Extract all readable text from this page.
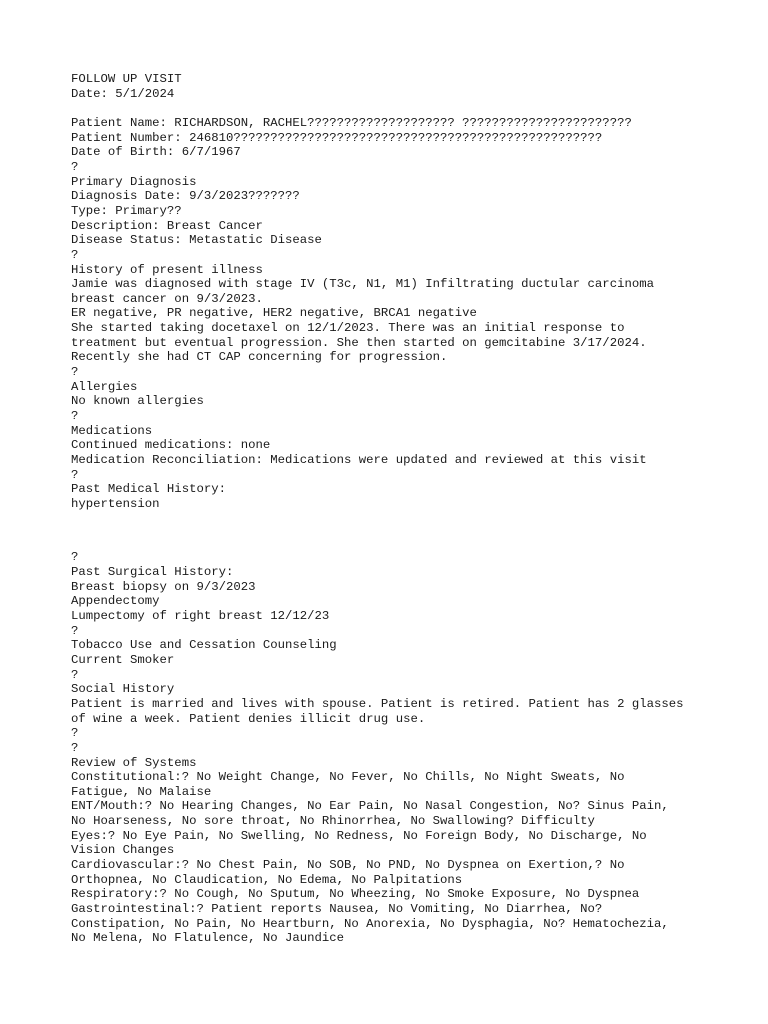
FOLLOW UP VISIT
Date: 5/1/2024
Patient Name: RICHARDSON, RACHEL???????????????????? ???????????????????????
Patient Number: 246810??????????????????????????????????????????????????
Date of Birth: 6/7/1967
?
Primary Diagnosis
Diagnosis Date: 9/3/2023???????
Type: Primary??
Description: Breast Cancer
Disease Status: Metastatic Disease
?
History of present illness
Jamie was diagnosed with stage IV (T3c, N1, M1) Infiltrating ductular carcinoma
breast cancer on 9/3/2023.
ER negative, PR negative, HER2 negative, BRCA1 negative
She started taking docetaxel on 12/1/2023. There was an initial response to
treatment but eventual progression. She then started on gemcitabine 3/17/2024.
Recently she had CT CAP concerning for progression.
?
Allergies
No known allergies
?
Medications
Continued medications: none
Medication Reconciliation: Medications were updated and reviewed at this visit
?
Past Medical History:
hypertension
?
Past Surgical History:
Breast biopsy on 9/3/2023
Appendectomy
Lumpectomy of right breast 12/12/23
?
Tobacco Use and Cessation Counseling
Current Smoker
?
Social History
Patient is married and lives with spouse. Patient is retired. Patient has 2 glasses
of wine a week. Patient denies illicit drug use.
?
?
Review of Systems
Constitutional:? No Weight Change, No Fever, No Chills, No Night Sweats, No
Fatigue, No Malaise
ENT/Mouth:? No Hearing Changes, No Ear Pain, No Nasal Congestion, No? Sinus Pain,
No Hoarseness, No sore throat, No Rhinorrhea, No Swallowing? Difficulty
Eyes:? No Eye Pain, No Swelling, No Redness, No Foreign Body, No Discharge, No
Vision Changes
Cardiovascular:? No Chest Pain, No SOB, No PND, No Dyspnea on Exertion,? No
Orthopnea, No Claudication, No Edema, No Palpitations
Respiratory:? No Cough, No Sputum, No Wheezing, No Smoke Exposure, No Dyspnea
Gastrointestinal:? Patient reports Nausea, No Vomiting, No Diarrhea, No?
Constipation, No Pain, No Heartburn, No Anorexia, No Dysphagia, No? Hematochezia,
No Melena, No Flatulence, No Jaundice
